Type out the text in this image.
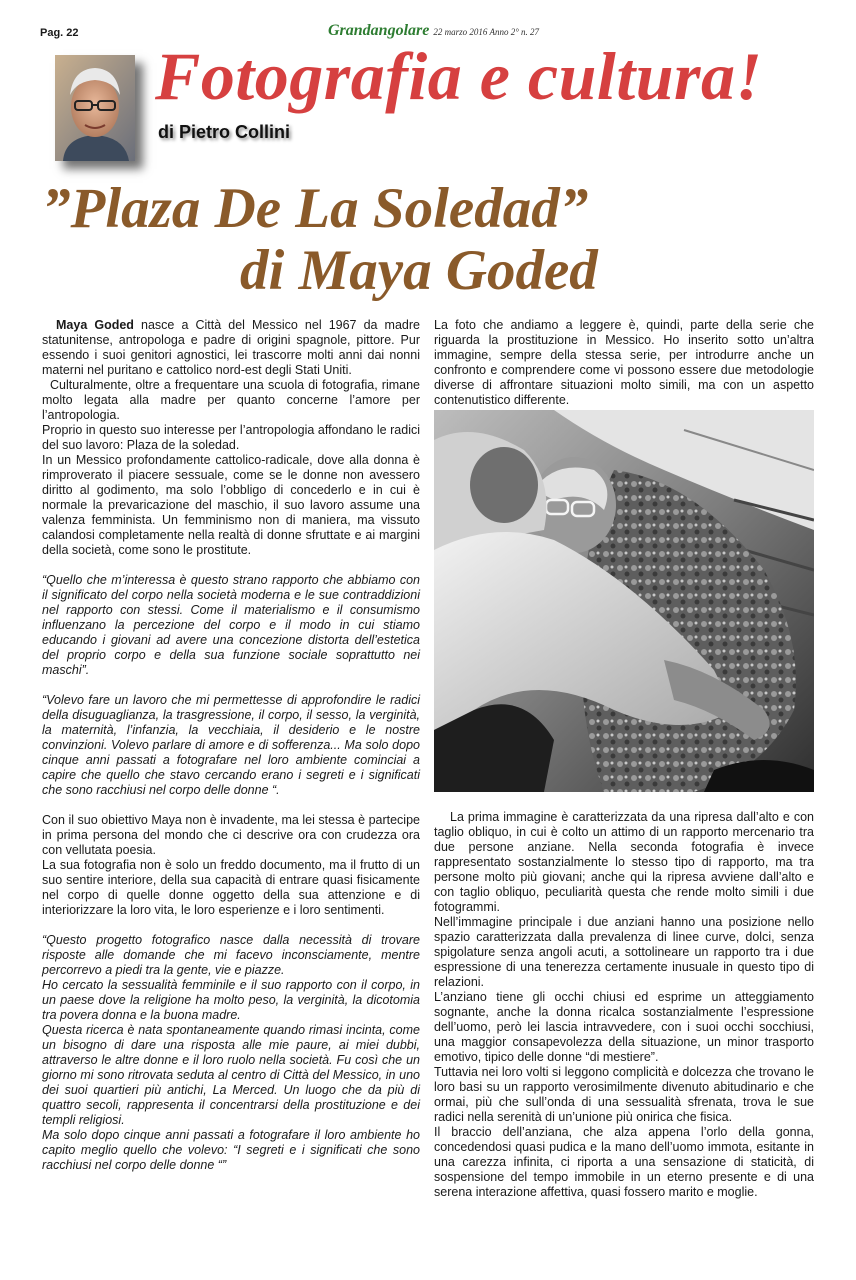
Pag. 22	Grandangolare 22 marzo 2016 Anno 2° n. 27
Fotografia e cultura!
di Pietro Collini
”Plaza De La Soledad”
di Maya Goded

Maya Goded nasce a Città del Messico nel 1967 da madre statunitense, antropologa e padre di origini spagnole, pittore. Pur essendo i suoi genitori agnostici, lei trascorre molti anni dai nonni materni nel puritano e cattolico nord-est degli Stati Uniti.

Culturalmente, oltre a frequentare una scuola di fotografia, rimane molto legata alla madre per quanto concerne l’amore per l’antropologia.

Proprio in questo suo interesse per l’antropologia affondano le radici del suo lavoro: Plaza de la soledad.

In un Messico profondamente cattolico-radicale, dove alla donna è rimproverato il piacere sessuale, come se le donne non avessero diritto al godimento, ma solo l’obbligo di concederlo e in cui è normale la prevaricazione del maschio, il suo lavoro assume una valenza femminista. Un femminismo non di maniera, ma vissuto calandosi completamente nella realtà di donne sfruttate e ai margini della società, come sono le prostitute.

“Quello che m’interessa è questo strano rapporto che abbiamo con il significato del corpo nella società moderna e le sue contraddizioni nel rapporto con stessi. Come il materialismo e il consumismo influenzano la percezione del corpo e il modo in cui stiamo educando i giovani ad avere una concezione distorta dell’estetica del proprio corpo e della sua funzione sociale soprattutto nei maschi”.

“Volevo fare un lavoro che mi permettesse di approfondire le radici della disuguaglianza, la trasgressione, il corpo, il sesso, la verginità, la maternità, l’infanzia, la vecchiaia, il desiderio e le nostre convinzioni. Volevo parlare di amore e di sofferenza... Ma solo dopo cinque anni passati a fotografare nel loro ambiente cominciai a capire che quello che stavo cercando erano i segreti e i significati che sono racchiusi nel corpo delle donne “.

Con il suo obiettivo Maya non è invadente, ma lei stessa è partecipe in prima persona del mondo che ci descrive ora con crudezza ora con vellutata poesia.

La sua fotografia non è solo un freddo documento, ma il frutto di un suo sentire interiore, della sua capacità di entrare quasi fisicamente nel corpo di quelle donne oggetto della sua attenzione e di interiorizzare la loro vita, le loro esperienze e i loro sentimenti.

“Questo progetto fotografico nasce dalla necessità di trovare risposte alle domande che mi facevo inconsciamente, mentre percorrevo a piedi tra la gente, vie e piazze.

Ho cercato la sessualità femminile e il suo rapporto con il corpo, in un paese dove la religione ha molto peso, la verginità, la dicotomia tra povera donna e la buona madre.

Questa ricerca è nata spontaneamente quando rimasi incinta, come un bisogno di dare una risposta alle mie paure, ai miei dubbi, attraverso le altre donne e il loro ruolo nella società. Fu così che un giorno mi sono ritrovata seduta al centro di Città del Messico, in uno dei suoi quartieri più antichi, La Merced. Un luogo che da più di quattro secoli, rappresenta il concentrarsi della prostituzione e dei templi religiosi.

Ma solo dopo cinque anni passati a fotografare il loro ambiente ho capito meglio quello che volevo: “I segreti e i significati che sono racchiusi nel corpo delle donne “”

La foto che andiamo a leggere è, quindi, parte della serie che riguarda la prostituzione in Messico. Ho inserito sotto un’altra immagine, sempre della stessa serie, per introdurre anche un confronto e comprendere come vi possono essere due metodologie diverse di affrontare situazioni molto simili, ma con un aspetto contenutistico differente.

La prima immagine è caratterizzata da una ripresa dall’alto e con taglio obliquo, in cui è colto un attimo di un rapporto mercenario tra due persone anziane. Nella seconda fotografia è invece rappresentato sostanzialmente lo stesso tipo di rapporto, ma tra persone molto più giovani; anche qui la ripresa avviene dall’alto e con taglio obliquo, peculiarità questa che rende molto simili i due fotogrammi.

Nell’immagine principale i due anziani hanno una posizione nello spazio caratterizzata dalla prevalenza di linee curve, dolci, senza spigolature senza angoli acuti, a sottolineare un rapporto tra i due espressione di una tenerezza certamente inusuale in questo tipo di relazioni.

L’anziano tiene gli occhi chiusi ed esprime un atteggiamento sognante, anche la donna ricalca sostanzialmente l’espressione dell’uomo, però lei lascia intravvedere, con i suoi occhi socchiusi, una maggior consapevolezza della situazione, un minor trasporto emotivo, tipico delle donne “di mestiere”.

Tuttavia nei loro volti si leggono complicità e dolcezza che trovano le loro basi su un rapporto verosimilmente divenuto abitudinario e che ormai, più che sull’onda di una sessualità sfrenata, trova le sue radici nella serenità di un’unione più onirica che fisica.

Il braccio dell’anziana, che alza appena l’orlo della gonna, concedendosi quasi pudica e la mano dell’uomo immota, esitante in una carezza infinita, ci riporta a una sensazione di staticità, di sospensione del tempo immobile in un eterno presente e di una serena interazione affettiva, quasi fossero marito e moglie.
